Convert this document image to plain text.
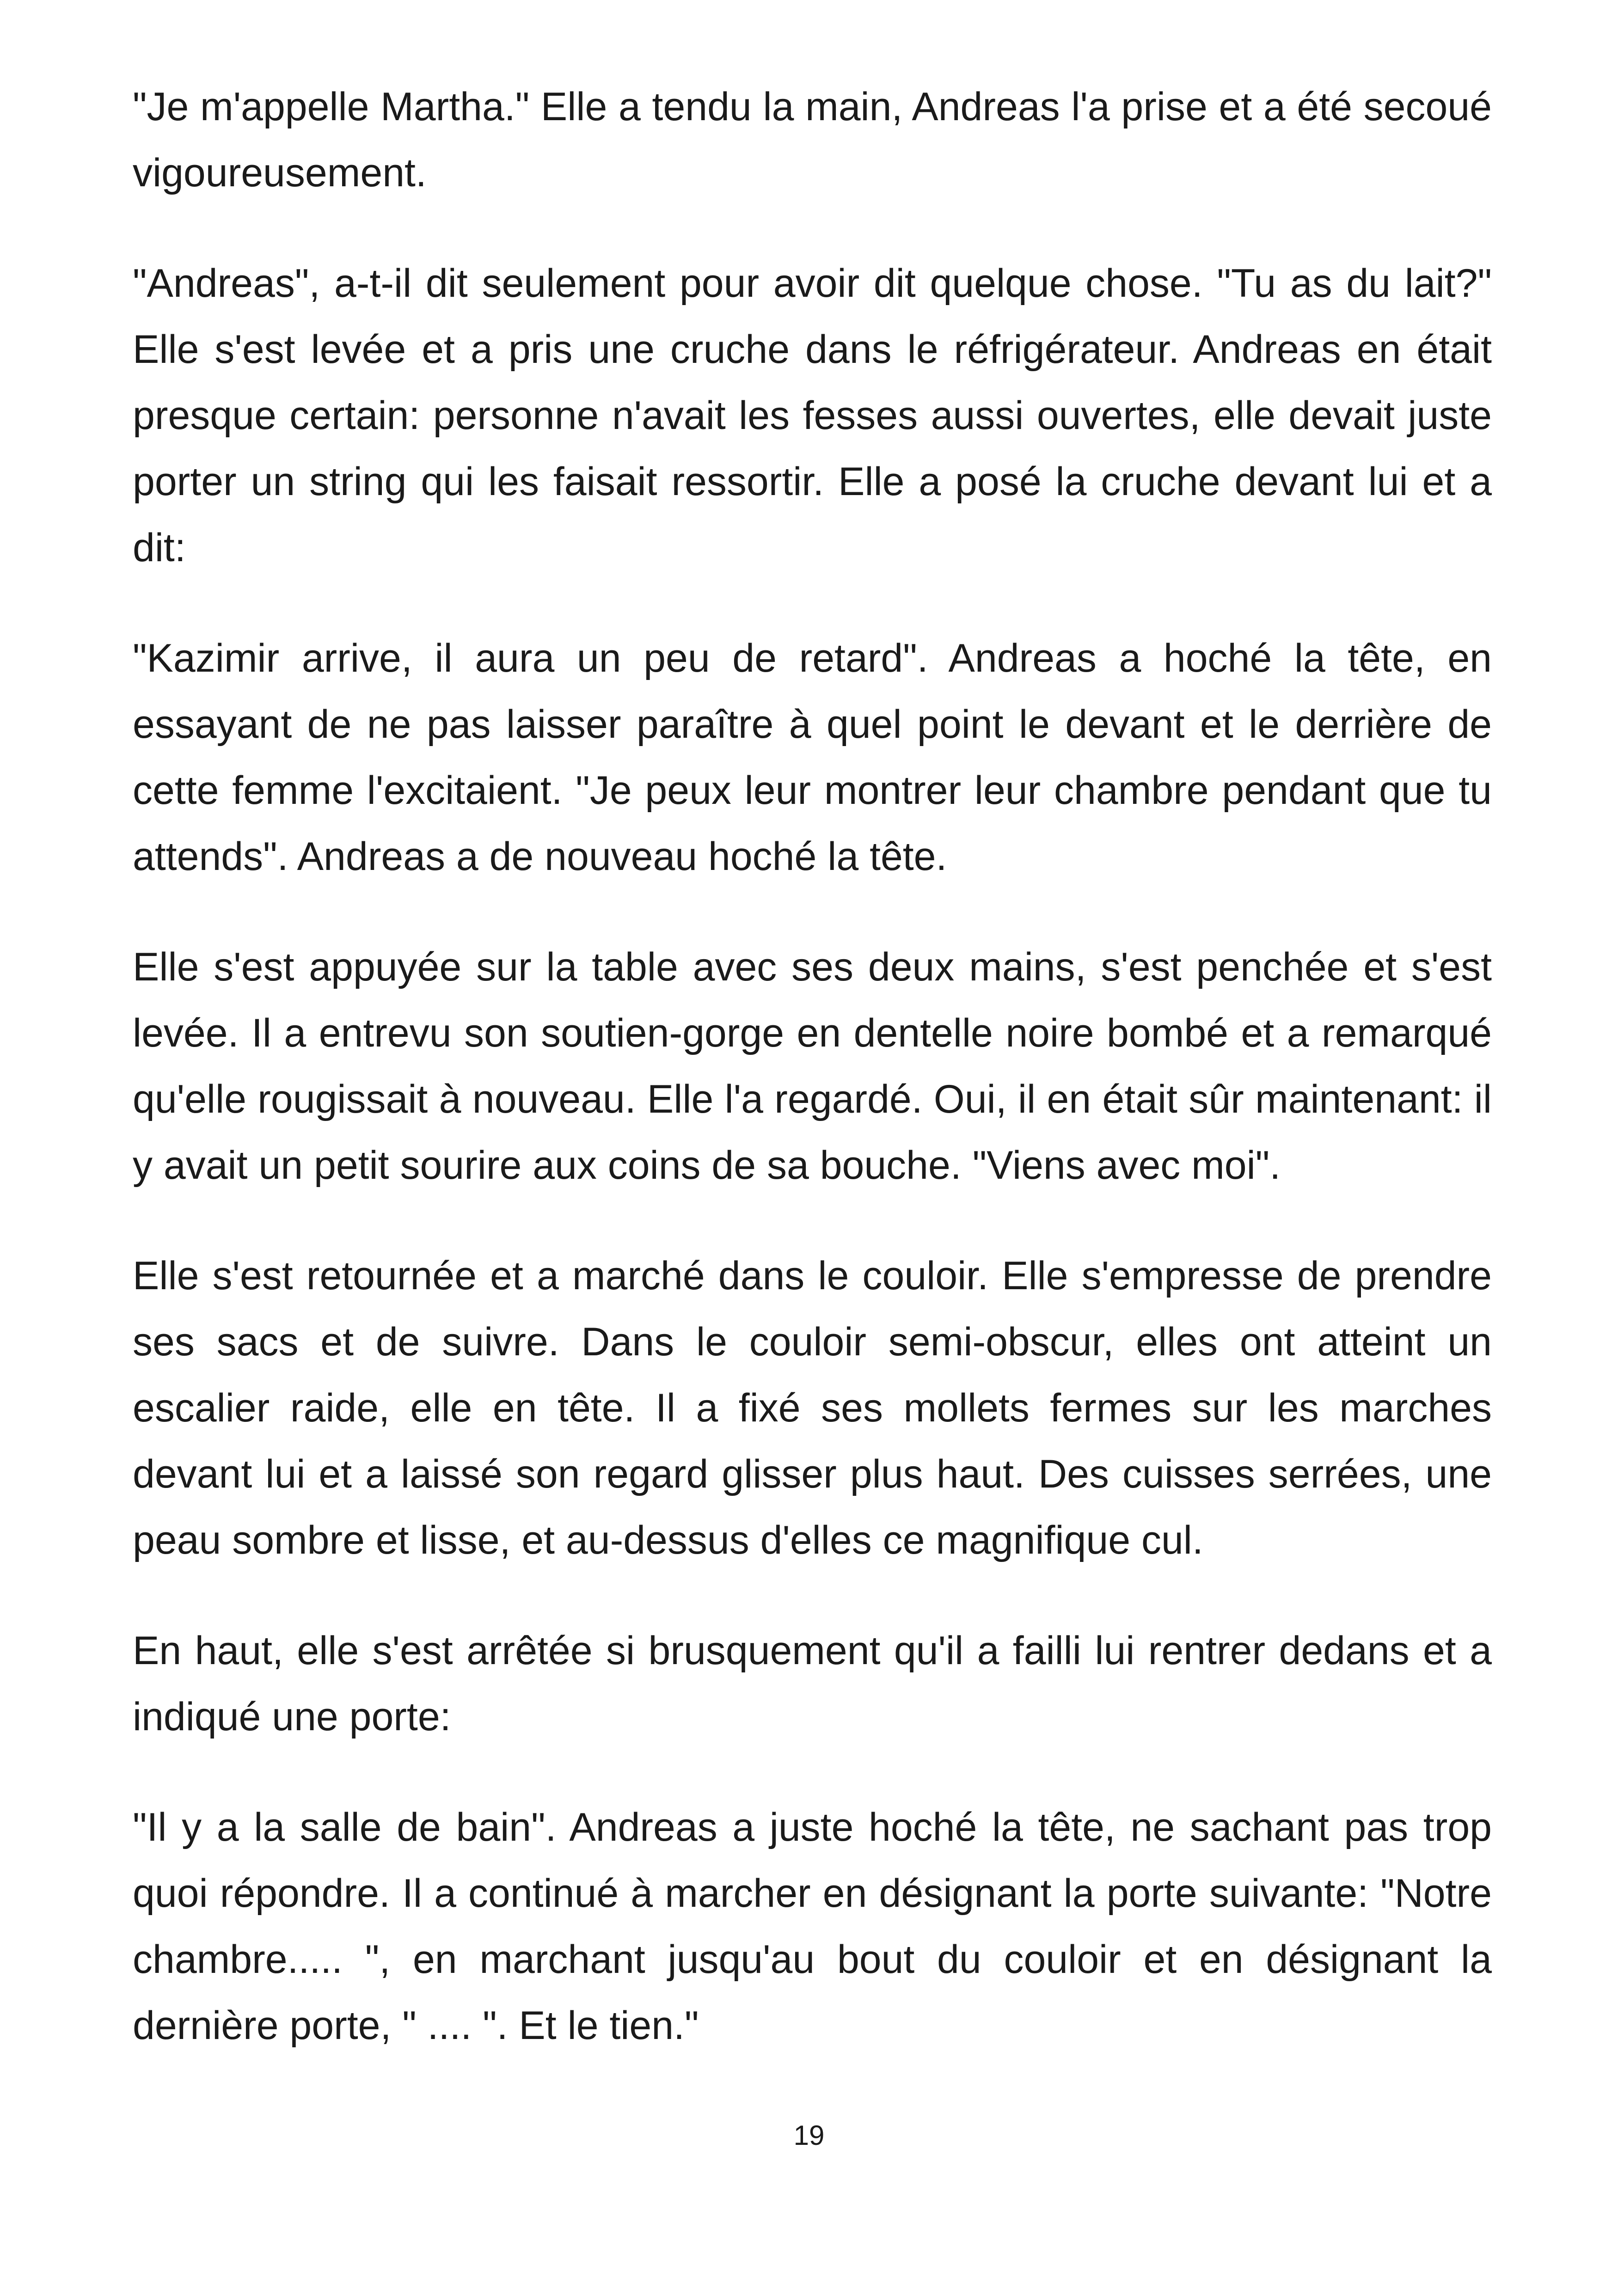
"Je m'appelle Martha." Elle a tendu la main, Andreas l'a prise et a été secoué vigoureusement.

"Andreas", a-t-il dit seulement pour avoir dit quelque chose. "Tu as du lait?" Elle s'est levée et a pris une cruche dans le réfrigérateur. Andreas en était presque certain: personne n'avait les fesses aussi ouvertes, elle devait juste porter un string qui les faisait ressortir. Elle a posé la cruche devant lui et a dit:

"Kazimir arrive, il aura un peu de retard". Andreas a hoché la tête, en essayant de ne pas laisser paraître à quel point le devant et le derrière de cette femme l'excitaient. "Je peux leur montrer leur chambre pendant que tu attends". Andreas a de nouveau hoché la tête.

Elle s'est appuyée sur la table avec ses deux mains, s'est penchée et s'est levée. Il a entrevu son soutien-gorge en dentelle noire bombé et a remarqué qu'elle rougissait à nouveau. Elle l'a regardé. Oui, il en était sûr maintenant: il y avait un petit sourire aux coins de sa bouche. "Viens avec moi".

Elle s'est retournée et a marché dans le couloir. Elle s'empresse de prendre ses sacs et de suivre. Dans le couloir semi-obscur, elles ont atteint un escalier raide, elle en tête. Il a fixé ses mollets fermes sur les marches devant lui et a laissé son regard glisser plus haut. Des cuisses serrées, une peau sombre et lisse, et au-dessus d'elles ce magnifique cul.

En haut, elle s'est arrêtée si brusquement qu'il a failli lui rentrer dedans et a indiqué une porte:

"Il y a la salle de bain". Andreas a juste hoché la tête, ne sachant pas trop quoi répondre. Il a continué à marcher en désignant la porte suivante: "Notre chambre..... ", en marchant jusqu'au bout du couloir et en désignant la dernière porte, " .... ". Et le tien."

19
